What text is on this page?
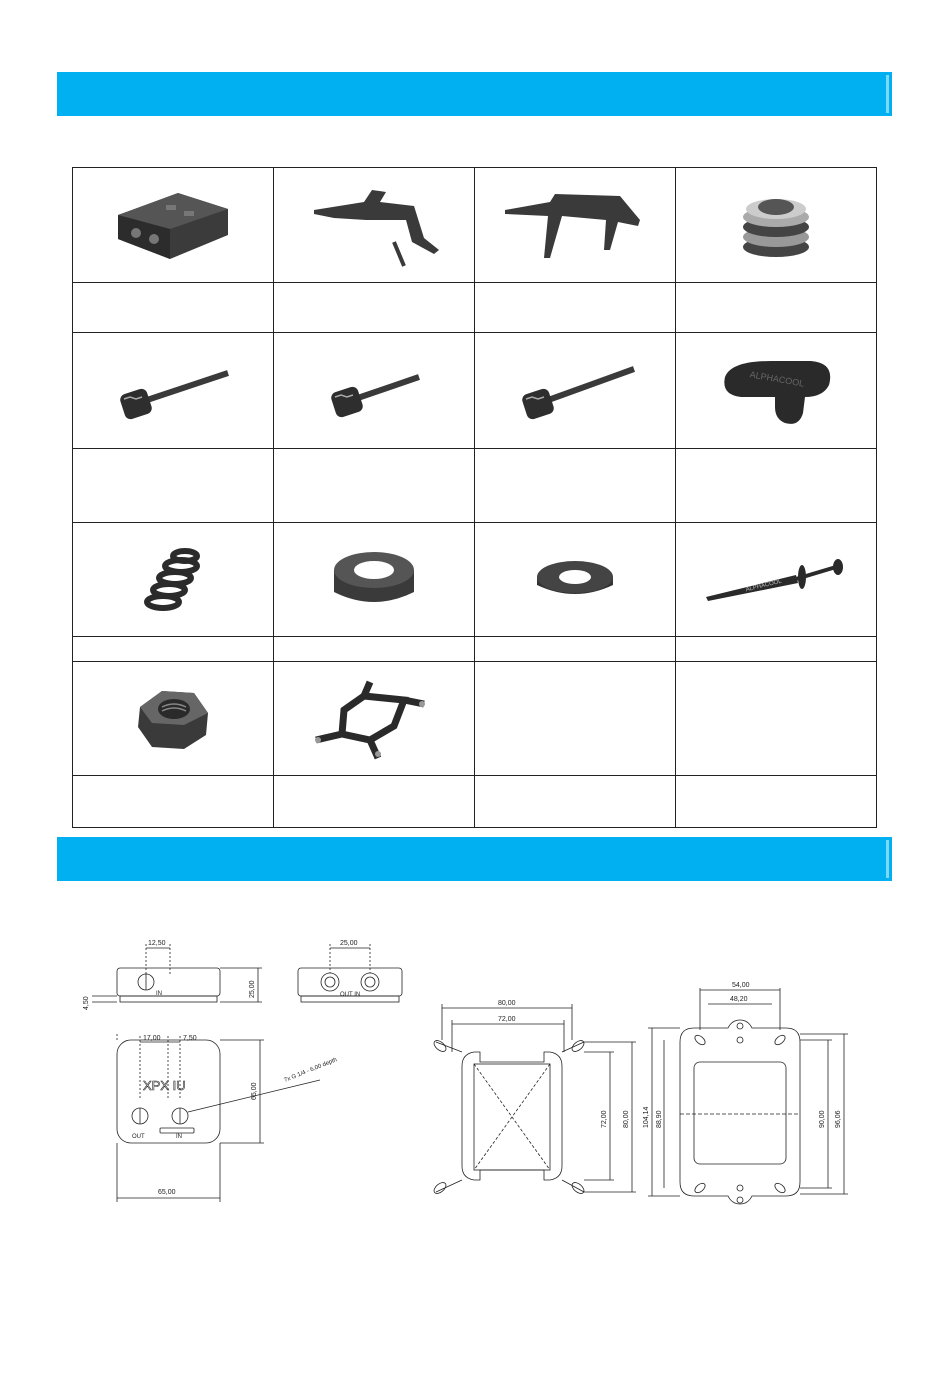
ALPHACOOL

ALPHACOOL

12,50
IN	25,00
4,50
25,00
OUT IN
17,00	7,50
XPX IU
OUT	IN
7x G 1/4 - 6,00 depth
65,00
65,00
80,00
72,00
72,00 80,00
54,00
48,20
104,14 88,90	90,00 96,06
